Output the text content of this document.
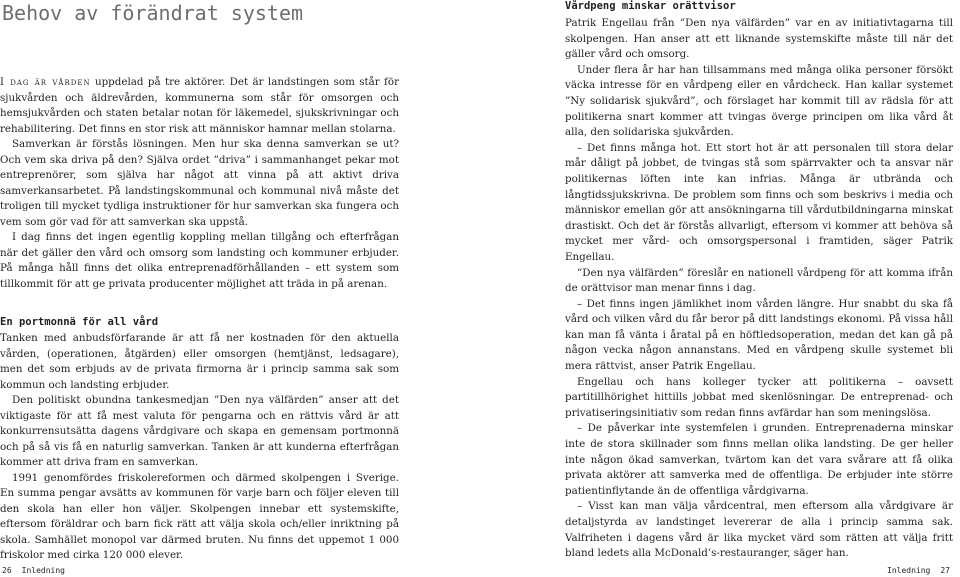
Behov av förändrat system

I dag är vården uppdelad på tre aktörer. Det är landstingen som står för sjukvården och äldrevården, kommunerna som står för omsorgen och hemsjukvården och staten betalar notan för läkemedel, sjukskrivningar och rehabilitering. Det finns en stor risk att människor hamnar mellan stolarna.

Samverkan är förstås lösningen. Men hur ska denna samverkan se ut? Och vem ska driva på den? Själva ordet ”driva” i sammanhanget pekar mot entreprenörer, som själva har något att vinna på att aktivt driva samverkansarbetet. På landstingskommunal och kommunal nivå måste det troligen till mycket tydliga instruktioner för hur samverkan ska fungera och vem som gör vad för att samverkan ska uppstå.

I dag finns det ingen egentlig koppling mellan tillgång och efterfrågan när det gäller den vård och omsorg som landsting och kommuner erbjuder. På många håll finns det olika entreprenadförhållanden – ett system som tillkommit för att ge privata producenter möjlighet att träda in på arenan.

En portmonnä för all vård

Tanken med anbudsförfarande är att få ner kostnaden för den aktuella vården, (operationen, åtgärden) eller omsorgen (hemtjänst, ledsagare), men det som erbjuds av de privata firmorna är i princip samma sak som kommun och landsting erbjuder.

Den politiskt obundna tankesmedjan ”Den nya välfärden” anser att det viktigaste för att få mest valuta för pengarna och en rättvis vård är att konkurrensutsätta dagens vårdgivare och skapa en gemensam portmonnä och på så vis få en naturlig samverkan. Tanken är att kunderna efterfrågan kommer att driva fram en samverkan.

1991 genomfördes friskolereformen och därmed skolpengen i Sverige. En summa pengar avsätts av kommunen för varje barn och följer eleven till den skola han eller hon väljer. Skolpengen innebar ett systemskifte, eftersom föräldrar och barn fick rätt att välja skola och/eller inriktning på skola. Samhället monopol var därmed bruten. Nu finns det uppemot 1 000 friskolor med cirka 120 000 elever.

26 Inledning
Vårdpeng minskar orättvisor

Patrik Engellau från ”Den nya välfärden” var en av initiativtagarna till skolpengen. Han anser att ett liknande systemskifte måste till när det gäller vård och omsorg.

Under flera år har han tillsammans med många olika personer försökt väcka intresse för en vårdpeng eller en vårdcheck. Han kallar systemet ”Ny solidarisk sjukvård”, och förslaget har kommit till av rädsla för att politikerna snart kommer att tvingas överge principen om lika vård åt alla, den solidariska sjukvården.

– Det finns många hot. Ett stort hot är att personalen till stora delar mår dåligt på jobbet, de tvingas stå som spärrvakter och ta ansvar när politikernas löften inte kan infrias. Många är utbrända och långtidssjukskrivna. De problem som finns och som beskrivs i media och människor emellan gör att ansökningarna till vårdutbildningarna minskat drastiskt. Och det är förstås allvarligt, eftersom vi kommer att behöva så mycket mer vård- och omsorgspersonal i framtiden, säger Patrik Engellau.

”Den nya välfärden” föreslår en nationell vårdpeng för att komma ifrån de orättvisor man menar finns i dag.

– Det finns ingen jämlikhet inom vården längre. Hur snabbt du ska få vård och vilken vård du får beror på ditt landstings ekonomi. På vissa håll kan man få vänta i åratal på en höftledsoperation, medan det kan gå på någon vecka någon annanstans. Med en vårdpeng skulle systemet bli mera rättvist, anser Patrik Engellau.

Engellau och hans kolleger tycker att politikerna – oavsett partitillhörighet hittills jobbat med skenlösningar. De entreprenad- och privatiseringsinitiativ som redan finns avfärdar han som meningslösa.

– De påverkar inte systemfelen i grunden. Entreprenaderna minskar inte de stora skillnader som finns mellan olika landsting. De ger heller inte någon ökad samverkan, tvärtom kan det vara svårare att få olika privata aktörer att samverka med de offentliga. De erbjuder inte större patientinflytande än de offentliga vårdgivarna.

– Visst kan man välja vårdcentral, men eftersom alla vårdgivare är detaljstyrda av landstinget levererar de alla i princip samma sak. Valfriheten i dagens vård är lika mycket värd som rätten att välja fritt bland ledets alla McDonald’s-restauranger, säger han.

Inledning 27
